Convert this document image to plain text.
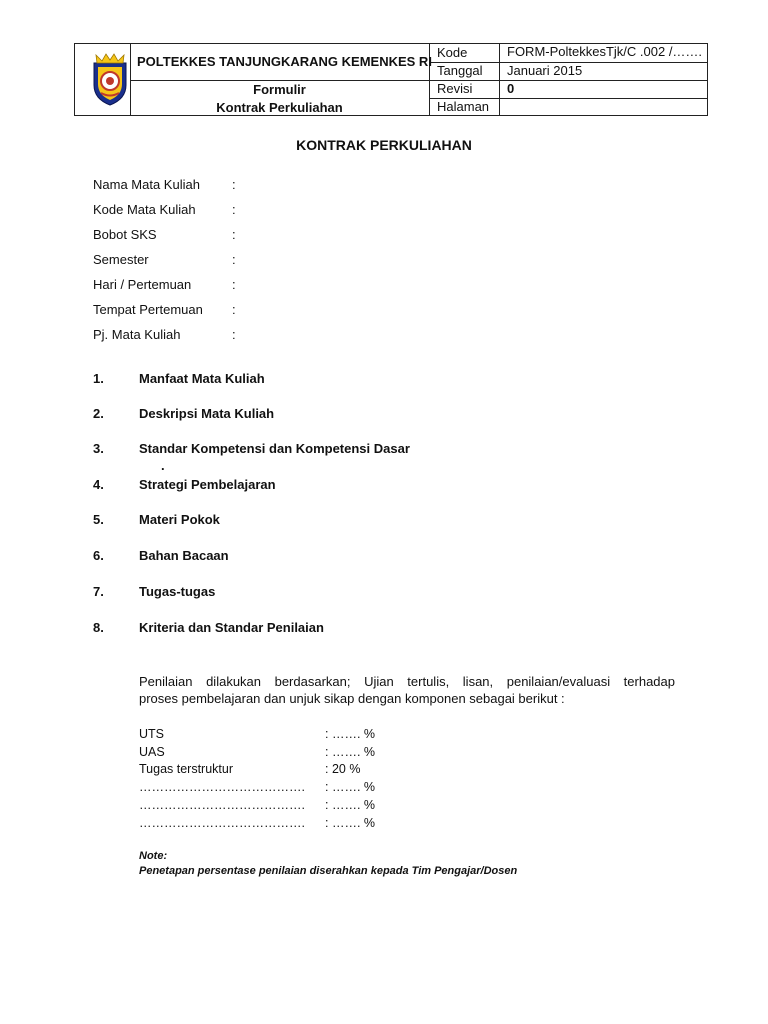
POLTEKKES TANJUNGKARANG KEMENKES RI
Formulir
Kontrak Perkuliahan
Kode	FORM-PoltekkesTjk/C .002 /…….
Tanggal Januari 2015
Revisi	0
Halaman
KONTRAK PERKULIAHAN
Nama Mata Kuliah :
Kode Mata Kuliah	:
Bobot SKS	:
Semester	:
Hari / Pertemuan	:
Tempat Pertemuan :
Pj. Mata Kuliah	:
1.	Manfaat Mata Kuliah
2.	Deskripsi Mata Kuliah
3.	Standar Kompetensi dan Kompetensi Dasar
.
4.	Strategi Pembelajaran
5.	Materi Pokok
6.	Bahan Bacaan
7.	Tugas-tugas
8.	Kriteria dan Standar Penilaian
Penilaian dilakukan berdasarkan; Ujian tertulis, lisan, penilaian/evaluasi terhadap
proses pembelajaran dan unjuk sikap dengan komponen sebagai berikut :
UTS	: ……. %
UAS	: ……. %
Tugas terstruktur	: 20 %
…………………………………. : ……. %
…………………………………. : ……. %
…………………………………. : ……. %
Note:
Penetapan persentase penilaian diserahkan kepada Tim Pengajar/Dosen
